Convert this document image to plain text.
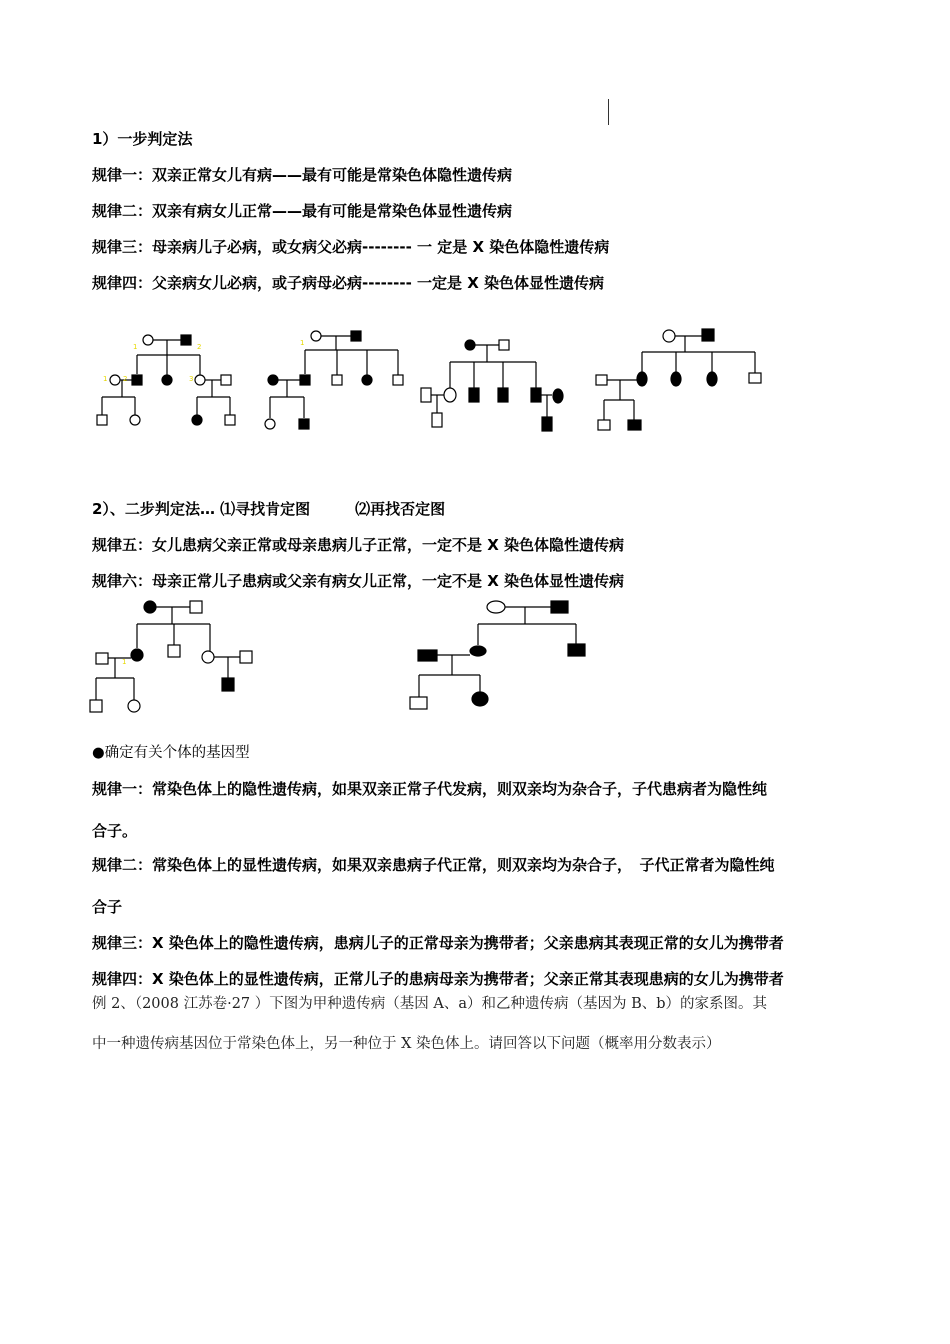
1）一步判定法
规律一：双亲正常女儿有病——最有可能是常染色体隐性遗传病
规律二：双亲有病女儿正常——最有可能是常染色体显性遗传病
规律三：母亲病儿子必病，或女病父必病-------- 一 定是 X 染色体隐性遗传病
规律四：父亲病女儿必病，或子病母必病-------- 一定是 X 染色体显性遗传病
2）、二步判定法… ⑴寻找肯定图　　　⑵再找否定图
规律五：女儿患病父亲正常或母亲患病儿子正常，一定不是 X 染色体隐性遗传病
规律六：母亲正常儿子患病或父亲有病女儿正常，一定不是 X 染色体显性遗传病
●确定有关个体的基因型
规律一：常染色体上的隐性遗传病，如果双亲正常子代发病，则双亲均为杂合子，子代患病者为隐性纯
合子。
规律二：常染色体上的显性遗传病，如果双亲患病子代正常，则双亲均为杂合子，　子代正常者为隐性纯
合子
规律三：X 染色体上的隐性遗传病，患病儿子的正常母亲为携带者；父亲患病其表现正常的女儿为携带者
规律四：X 染色体上的显性遗传病，正常儿子的患病母亲为携带者；父亲正常其表现患病的女儿为携带者
例 2、（2008 江苏卷·27 ）下图为甲种遗传病（基因 A、a）和乙种遗传病（基因为 B、b）的家系图。其
中一种遗传病基因位于常染色体上，另一种位于 X 染色体上。请回答以下问题（概率用分数表示）
1	2
1 2	3
1
1
